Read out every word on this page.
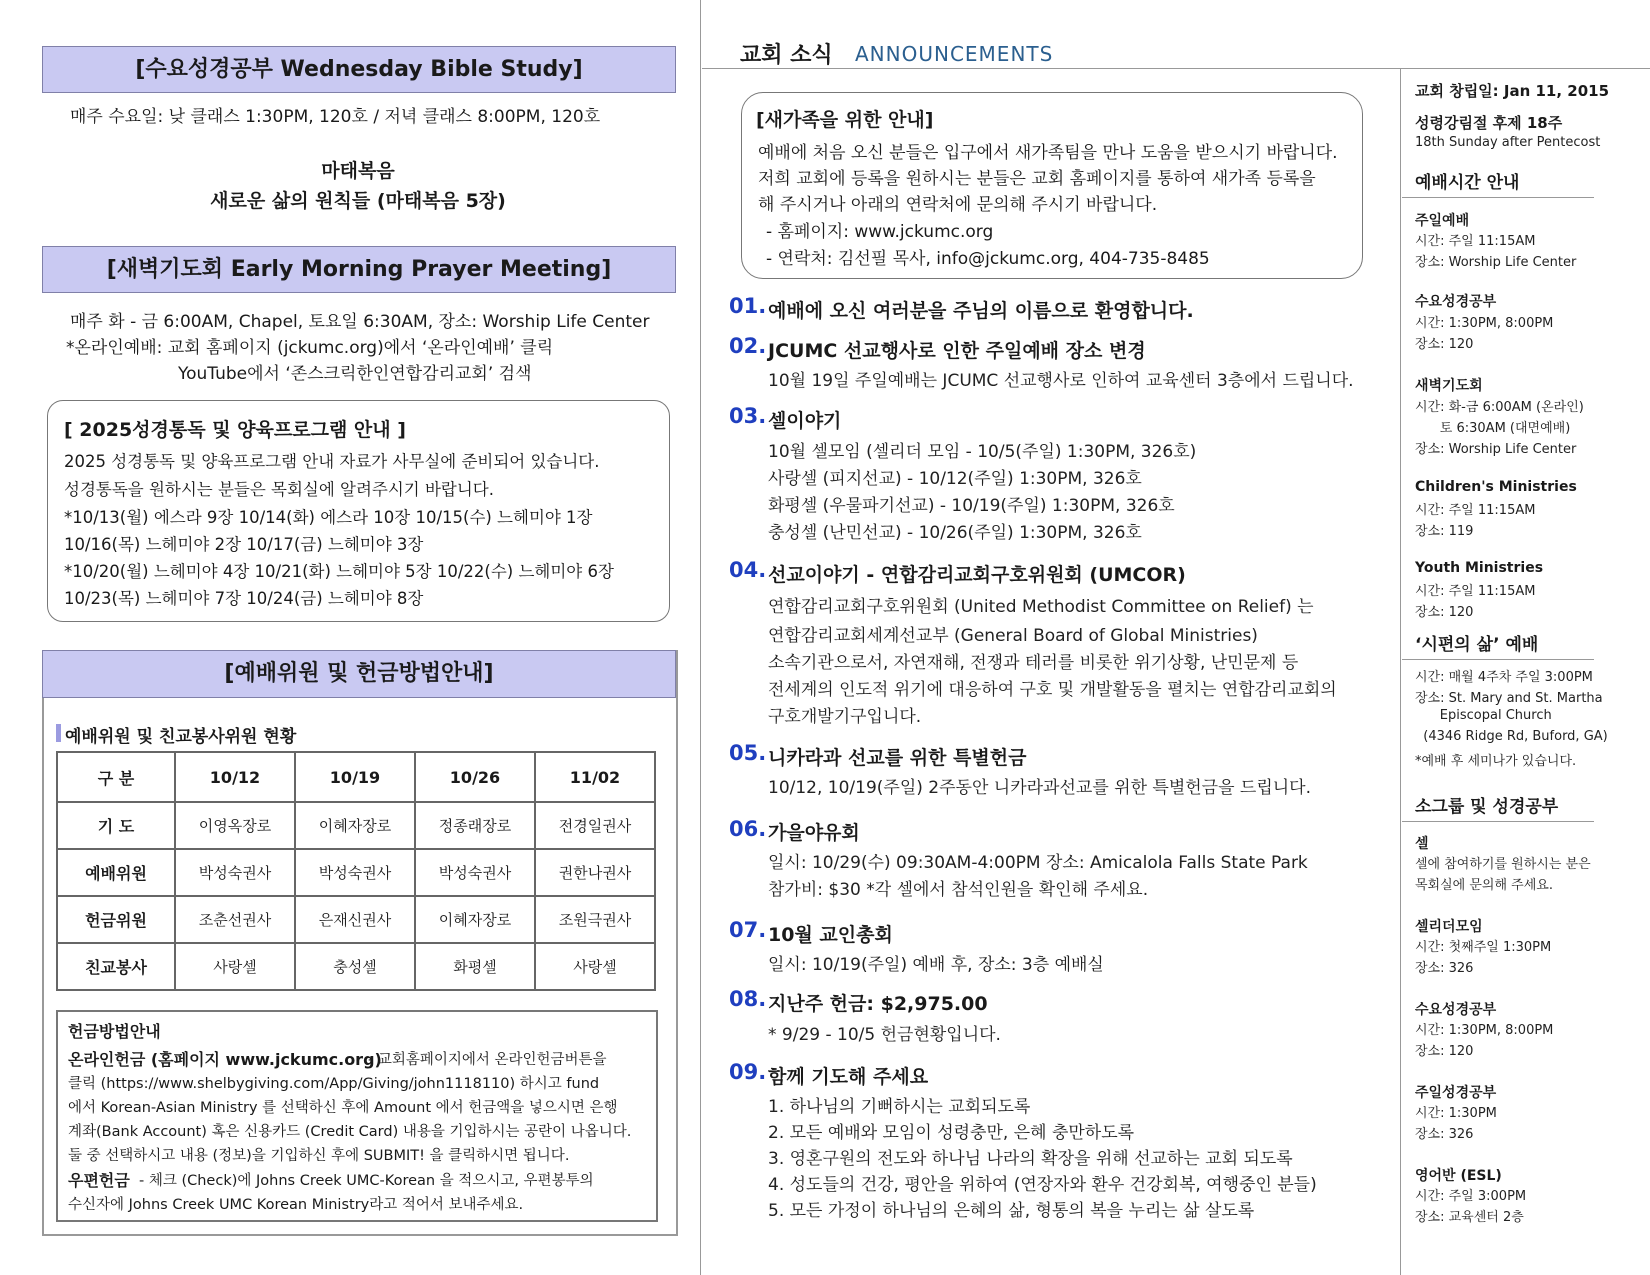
[수요성경공부 Wednesday Bible Study]
매주 수요일: 낮 클래스 1:30PM, 120호 / 저녁 클래스 8:00PM, 120호
마태복음
새로운 삶의 원칙들 (마태복음 5장)
[새벽기도회 Early Morning Prayer Meeting]
매주 화 - 금 6:00AM, Chapel, 토요일 6:30AM, 장소: Worship Life Center
*온라인예배: 교회 홈페이지 (jckumc.org)에서 ‘온라인예배’ 클릭
YouTube에서 ‘존스크릭한인연합감리교회’ 검색
[ 2025성경통독 및 양육프로그램 안내 ]
2025 성경통독 및 양육프로그램 안내 자료가 사무실에 준비되어 있습니다.
성경통독을 원하시는 분들은 목회실에 알려주시기 바랍니다.
*10/13(월) 에스라 9장 10/14(화) 에스라 10장 10/15(수) 느헤미야 1장
10/16(목) 느헤미야 2장 10/17(금) 느헤미야 3장
*10/20(월) 느헤미야 4장 10/21(화) 느헤미야 5장 10/22(수) 느헤미야 6장
10/23(목) 느헤미야 7장 10/24(금) 느헤미야 8장
[예배위원 및 헌금방법안내]
예배위원 및 친교봉사위원 현황
구 분	10/12	10/19	10/26	11/02
기 도	이영옥장로	이혜자장로	정종래장로	전경일권사
예배위원	박성숙권사	박성숙권사	박성숙권사	권한나권사
헌금위원	조춘선권사	은재신권사	이혜자장로	조원극권사
친교봉사	사랑셀	충성셀	화평셀	사랑셀
헌금방법안내
온라인헌금 (홈페이지 www.jckumc.org)
- 교회홈페이지에서 온라인헌금버튼을
클릭 (https://www.shelbygiving.com/App/Giving/john1118110) 하시고 fund
에서 Korean-Asian Ministry 를 선택하신 후에 Amount 에서 헌금액을 넣으시면 은행
계좌(Bank Account) 혹은 신용카드 (Credit Card) 내용을 기입하시는 공란이 나옵니다.
둘 중 선택하시고 내용 (정보)을 기입하신 후에 SUBMIT! 을 클릭하시면 됩니다.
우편헌금 - 체크 (Check)에 Johns Creek UMC-Korean 을 적으시고, 우편봉투의
수신자에 Johns Creek UMC Korean Ministry라고 적어서 보내주세요.
교회 소식 ANNOUNCEMENTS
[새가족을 위한 안내]
예배에 처음 오신 분들은 입구에서 새가족팀을 만나 도움을 받으시기 바랍니다.
저희 교회에 등록을 원하시는 분들은 교회 홈페이지를 통하여 새가족 등록을
해 주시거나 아래의 연락처에 문의해 주시기 바랍니다.
- 홈페이지: www.jckumc.org
- 연락처: 김선필 목사, info@jckumc.org, 404-735-8485
01. 예배에 오신 여러분을 주님의 이름으로 환영합니다.
02. JCUMC 선교행사로 인한 주일예배 장소 변경
10월 19일 주일예배는 JCUMC 선교행사로 인하여 교육센터 3층에서 드립니다.
03. 셀이야기
10월 셀모임 (셀리더 모임 - 10/5(주일) 1:30PM, 326호)
사랑셀 (피지선교) - 10/12(주일) 1:30PM, 326호
화평셀 (우물파기선교) - 10/19(주일) 1:30PM, 326호
충성셀 (난민선교) - 10/26(주일) 1:30PM, 326호
04. 선교이야기 - 연합감리교회구호위원회 (UMCOR)
연합감리교회구호위원회 (United Methodist Committee on Relief) 는
연합감리교회세계선교부 (General Board of Global Ministries)
소속기관으로서, 자연재해, 전쟁과 테러를 비롯한 위기상황, 난민문제 등
전세계의 인도적 위기에 대응하여 구호 및 개발활동을 펼치는 연합감리교회의
구호개발기구입니다.
05. 니카라과 선교를 위한 특별헌금
10/12, 10/19(주일) 2주동안 니카라과선교를 위한 특별헌금을 드립니다.
06. 가을야유회
일시: 10/29(수) 09:30AM-4:00PM 장소: Amicalola Falls State Park
참가비: $30 *각 셀에서 참석인원을 확인해 주세요.
07. 10월 교인총회
일시: 10/19(주일) 예배 후, 장소: 3층 예배실
08. 지난주 헌금: $2,975.00
* 9/29 - 10/5 헌금현황입니다.
09. 함께 기도해 주세요
1. 하나님의 기뻐하시는 교회되도록
2. 모든 예배와 모임이 성령충만, 은혜 충만하도록
3. 영혼구원의 전도와 하나님 나라의 확장을 위해 선교하는 교회 되도록
4. 성도들의 건강, 평안을 위하여 (연장자와 환우 건강회복, 여행중인 분들)
5. 모든 가정이 하나님의 은혜의 삶, 형통의 복을 누리는 삶 살도록
교회 창립일: Jan 11, 2015
성령강림절 후제 18주
18th Sunday after Pentecost
예배시간 안내
주일예배
시간: 주일 11:15AM
장소: Worship Life Center
수요성경공부
시간: 1:30PM, 8:00PM
장소: 120
새벽기도회
시간: 화-금 6:00AM (온라인)
토 6:30AM (대면예배)
장소: Worship Life Center
Children's Ministries
시간: 주일 11:15AM
장소: 119
Youth Ministries
시간: 주일 11:15AM
장소: 120
‘시편의 삶’ 예배
시간: 매월 4주차 주일 3:00PM
장소: St. Mary and St. Martha
Episcopal Church
(4346 Ridge Rd, Buford, GA)
*예배 후 세미나가 있습니다.
소그룹 및 성경공부
셀
셀에 참여하기를 원하시는 분은
목회실에 문의해 주세요.
셀리더모임
시간: 첫째주일 1:30PM
장소: 326
수요성경공부
시간: 1:30PM, 8:00PM
장소: 120
주일성경공부
시간: 1:30PM
장소: 326
영어반 (ESL)
시간: 주일 3:00PM
장소: 교육센터 2층
